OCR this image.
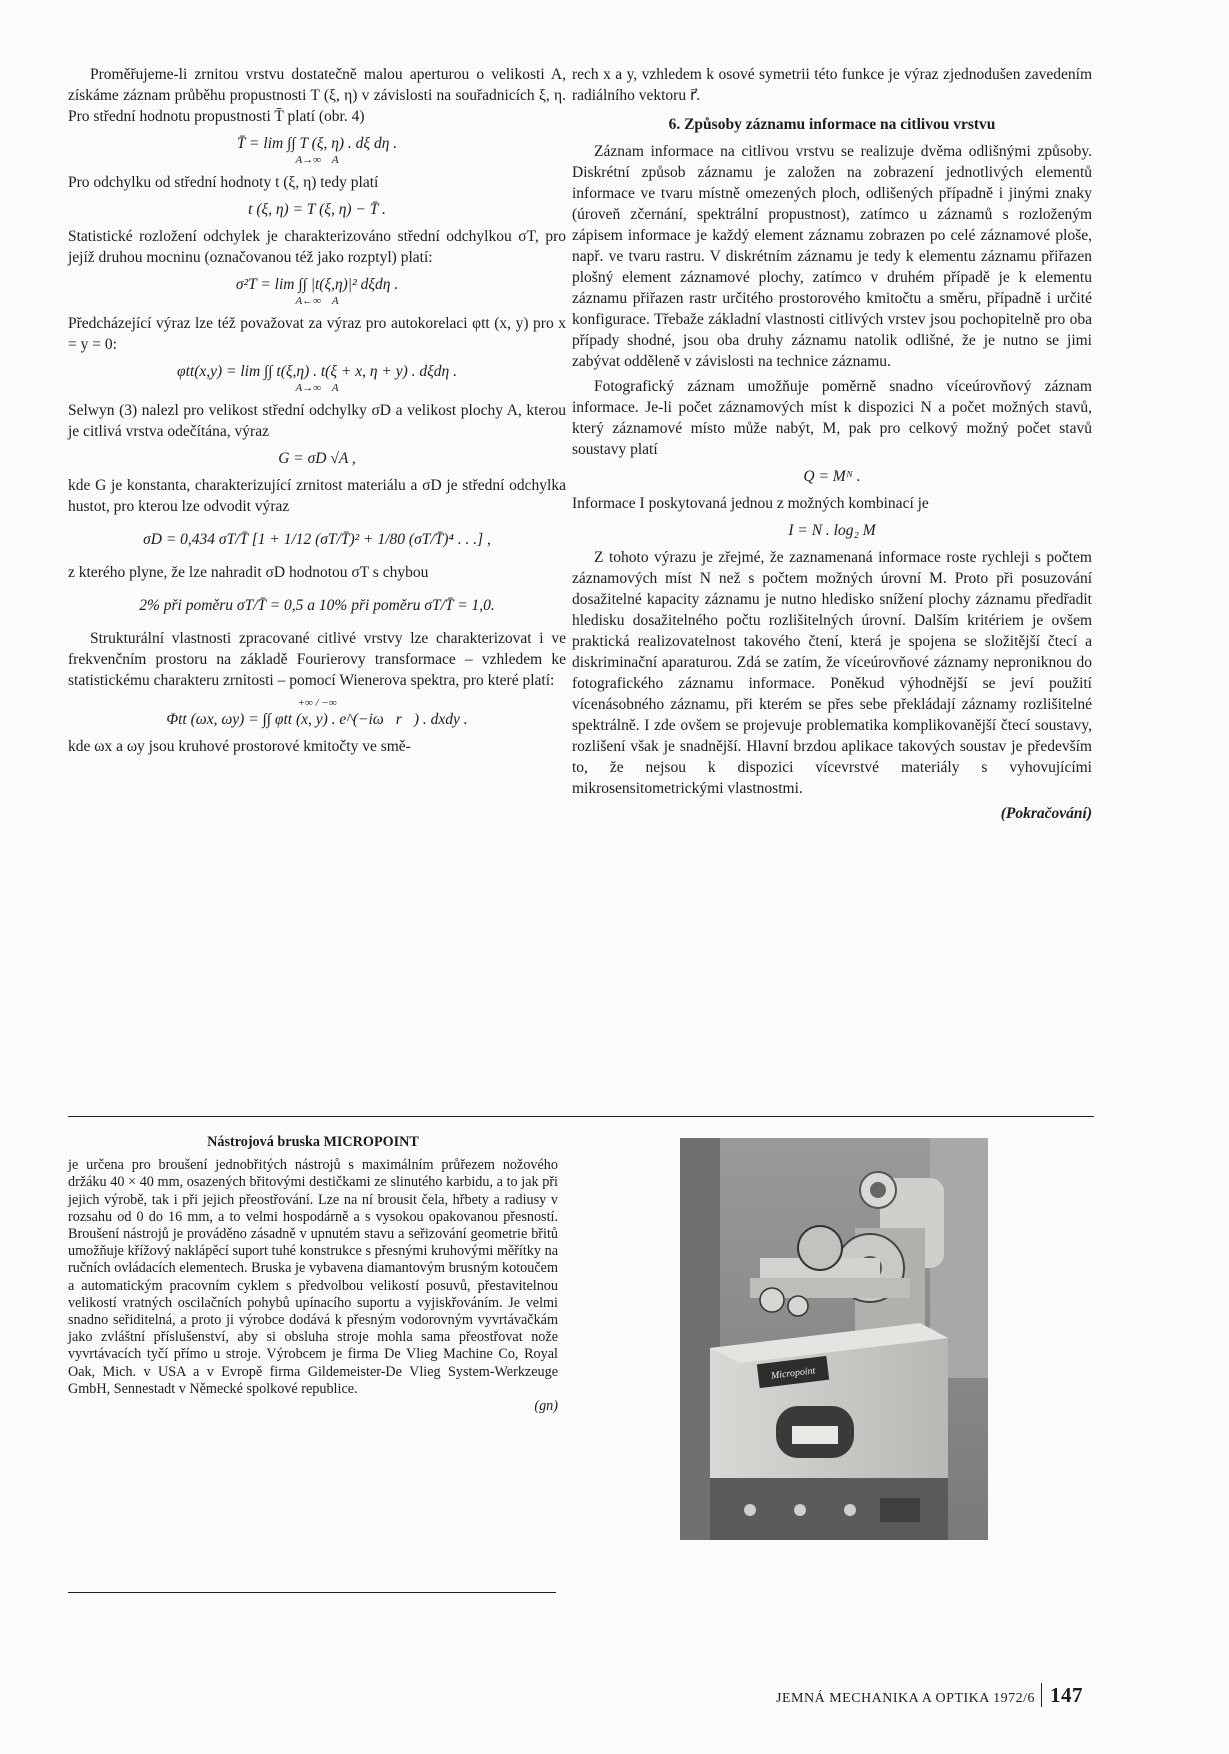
Proměřujeme-li zrnitou vrstvu dostatečně malou aperturou o velikosti A, získáme záznam průběhu propustnosti T (ξ, η) v závislosti na souřadnicích ξ, η. Pro střední hodnotu propustnosti T̄ platí (obr. 4)

T̄ = lim ∫∫ T (ξ, η) . dξ dη .
A→∞ A

Pro odchylku od střední hodnoty t (ξ, η) tedy platí

t (ξ, η) = T (ξ, η) − T̄ .

Statistické rozložení odchylek je charakterizováno střední odchylkou σT, pro jejíž druhou mocninu (označovanou též jako rozptyl) platí:

σ²T = lim ∫∫ |t(ξ,η)|² dξdη .
A←∞ A

Předcházející výraz lze též považovat za výraz pro autokorelaci φtt (x, y) pro x = y = 0:

φtt(x,y) = lim ∫∫ t(ξ,η) . t(ξ + x, η + y) . dξdη .
A→∞ A

Selwyn (3) nalezl pro velikost střední odchylky σD a velikost plochy A, kterou je citlivá vrstva odečítána, výraz

G = σD √A ,

kde G je konstanta, charakterizující zrnitost materiálu a σD je střední odchylka hustot, pro kterou lze odvodit výraz

σD = 0,434 σT/T̄ [1 + 1/12 (σT/T̄)² + 1/80 (σT/T̄)⁴ . . .] ,

z kterého plyne, že lze nahradit σD hodnotou σT s chybou

2% při poměru σT/T̄ = 0,5 a 10% při poměru σT/T̄ = 1,0.

Strukturální vlastnosti zpracované citlivé vrstvy lze charakterizovat i ve frekvenčním prostoru na základě Fourierovy transformace – vzhledem ke statistickému charakteru zrnitosti – pomocí Wienerova spektra, pro které platí:

+∞ / −∞
Φtt (ωx, ωy) = ∫∫ φtt (x, y) . e^(−iω⃗r⃗) . dxdy .

kde ωx a ωy jsou kruhové prostorové kmitočty ve smě-

rech x a y, vzhledem k osové symetrii této funkce je výraz zjednodušen zavedením radiálního vektoru r⃗.

6. Způsoby záznamu informace na citlivou vrstvu

Záznam informace na citlivou vrstvu se realizuje dvěma odlišnými způsoby. Diskrétní způsob záznamu je založen na zobrazení jednotlivých elementů informace ve tvaru místně omezených ploch, odlišených případně i jinými znaky (úroveň zčernání, spektrální propustnost), zatímco u záznamů s rozloženým zápisem informace je každý element záznamu zobrazen po celé záznamové ploše, např. ve tvaru rastru. V diskrétním záznamu je tedy k elementu záznamu přiřazen plošný element záznamové plochy, zatímco v druhém případě je k elementu záznamu přiřazen rastr určitého prostorového kmitočtu a směru, případně i určité konfigurace. Třebaže základní vlastnosti citlivých vrstev jsou pochopitelně pro oba případy shodné, jsou oba druhy záznamu natolik odlišné, že je nutno se jimi zabývat odděleně v závislosti na technice záznamu.

Fotografický záznam umožňuje poměrně snadno víceúrovňový záznam informace. Je-li počet záznamových míst k dispozici N a počet možných stavů, který záznamové místo může nabýt, M, pak pro celkový možný počet stavů soustavy platí

Q = Mᴺ .

Informace I poskytovaná jednou z možných kombinací je

I = N . log₂ M

Z tohoto výrazu je zřejmé, že zaznamenaná informace roste rychleji s počtem záznamových míst N než s počtem možných úrovní M. Proto při posuzování dosažitelné kapacity záznamu je nutno hledisko snížení plochy záznamu předřadit hledisku dosažitelného počtu rozlišitelných úrovní. Dalším kritériem je ovšem praktická realizovatelnost takového čtení, která je spojena se složitější čtecí a diskriminační aparaturou. Zdá se zatím, že víceúrovňové záznamy neproniknou do fotografického záznamu informace. Poněkud výhodnější se jeví použití vícenásobného záznamu, při kterém se přes sebe překládají záznamy rozlišitelné spektrálně. I zde ovšem se projevuje problematika komplikovanější čtecí soustavy, rozlišení však je snadnější. Hlavní brzdou aplikace takových soustav je především to, že nejsou k dispozici vícevrstvé materiály s vyhovujícími mikrosensitometrickými vlastnostmi.

(Pokračování)
Nástrojová bruska MICROPOINT

je určena pro broušení jednobřitých nástrojů s maximálním průřezem nožového držáku 40 × 40 mm, osazených břitovými destičkami ze slinutého karbidu, a to jak při jejich výrobě, tak i při jejich přeostřování. Lze na ní brousit čela, hřbety a radiusy v rozsahu od 0 do 16 mm, a to velmi hospodárně a s vysokou opakovanou přesností. Broušení nástrojů je prováděno zásadně v upnutém stavu a seřizování geometrie břitů umožňuje křížový naklápěcí suport tuhé konstrukce s přesnými kruhovými měřítky na ručních ovládacích elementech. Bruska je vybavena diamantovým brusným kotoučem a automatickým pracovním cyklem s předvolbou velikostí posuvů, přestavitelnou velikostí vratných oscilačních pohybů upínacího suportu a vyjiskřováním. Je velmi snadno seřiditelná, a proto ji výrobce dodává k přesným vodorovným vyvrtávačkám jako zvláštní příslušenství, aby si obsluha stroje mohla sama přeostřovat nože vyvrtávacích tyčí přímo u stroje. Výrobcem je firma De Vlieg Machine Co, Royal Oak, Mich. v USA a v Evropě firma Gildemeister-De Vlieg System-Werkzeuge GmbH, Sennestadt v Německé spolkové republice.

(gn)
Micropoint
JEMNÁ MECHANIKA A OPTIKA 1972/6 147
